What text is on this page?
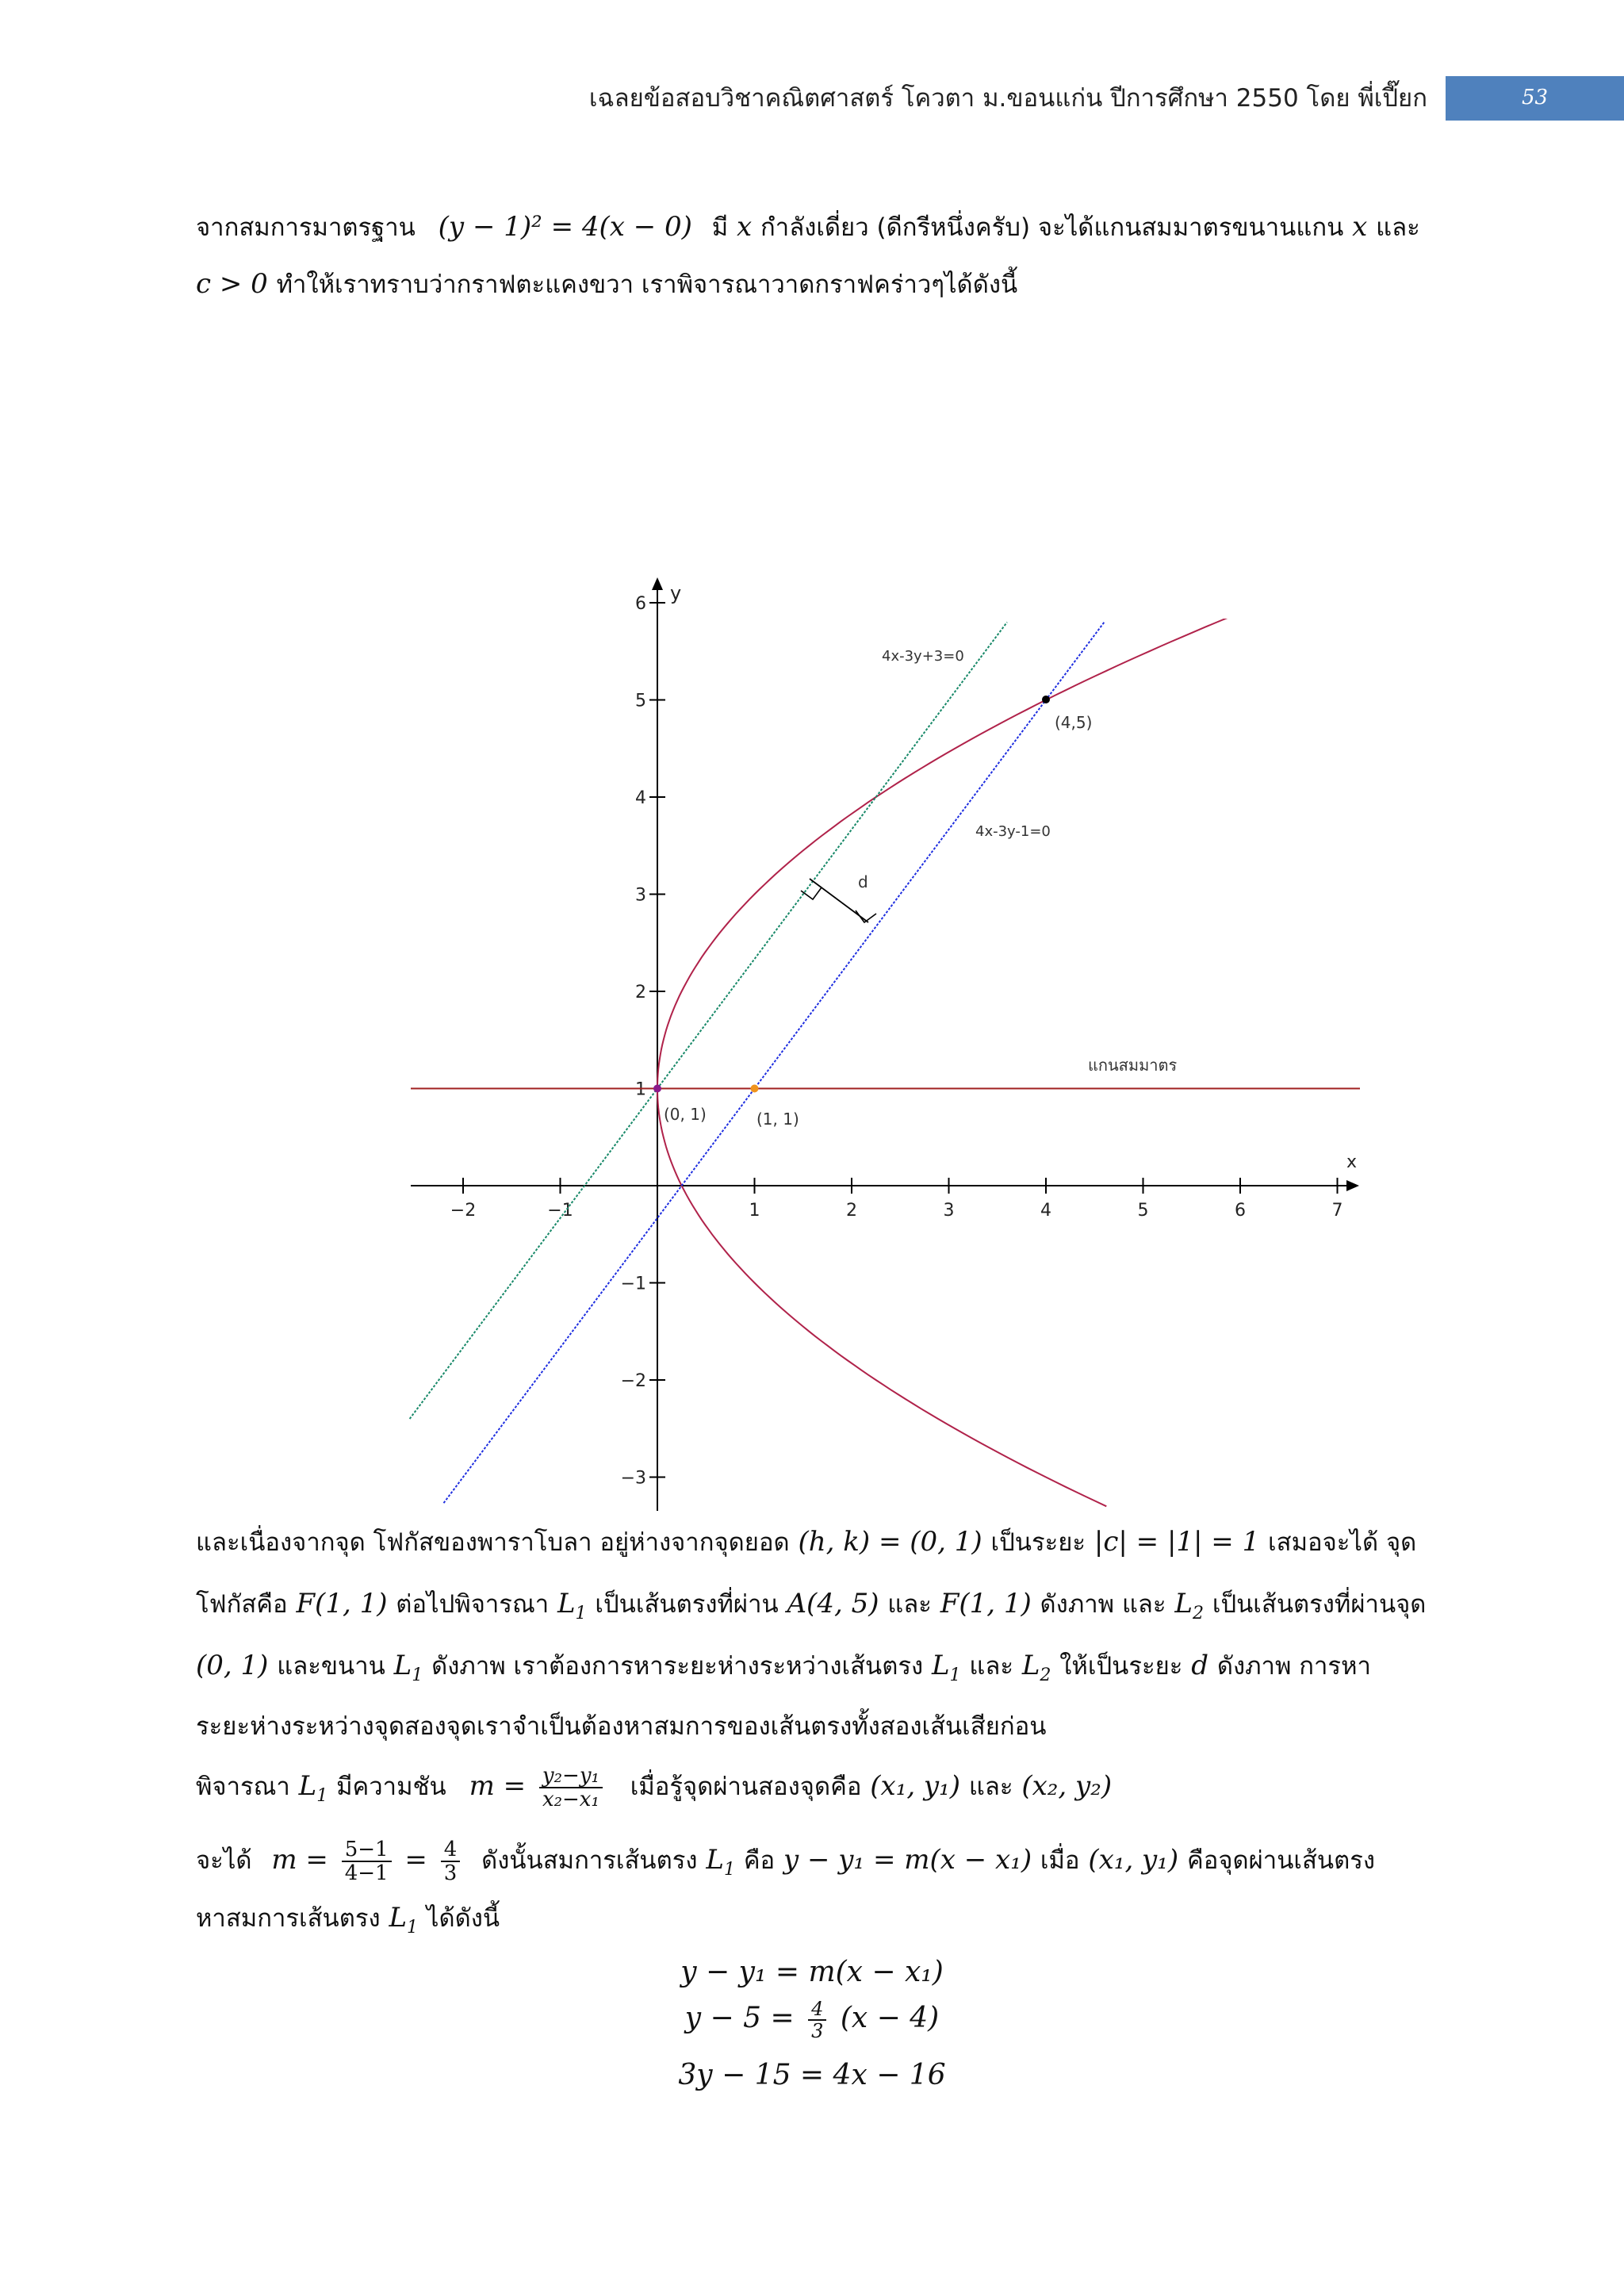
เฉลยข้อสอบวิชาคณิตศาสตร์ โควตา ม.ขอนแก่น ปีการศึกษา 2550 โดย พี่เปี๊ยก	53
จากสมการมาตรฐาน (y − 1)² = 4(x − 0) มี x กำลังเดี่ยว (ดีกรีหนึ่งครับ) จะได้แกนสมมาตรขนานแกน x และ
c > 0 ทำให้เราทราบว่ากราฟตะแคงขวา เราพิจารณาวาดกราฟคร่าวๆได้ดังนี้
x
y
−2	−1	1	2	3	4	5	6	7
−3
−2
−1
1
2
3
4
5
6
d
4x-3y+3=0
4x-3y-1=0
แกนสมมาตร
(0, 1)	(1, 1)
(4,5)
และเนื่องจากจุด โฟกัสของพาราโบลา อยู่ห่างจากจุดยอด (h, k) = (0, 1) เป็นระยะ |c| = |1| = 1 เสมอจะได้ จุด
โฟกัสคือ F(1, 1) ต่อไปพิจารณา $L_1$ เป็นเส้นตรงที่ผ่าน A(4, 5) และ F(1, 1) ดังภาพ และ $L_2$ เป็นเส้นตรงที่ผ่านจุด
(0, 1) และขนาน $L_1$ ดังภาพ เราต้องการหาระยะห่างระหว่างเส้นตรง $L_1$ และ $L_2$ ให้เป็นระยะ d ดังภาพ การหา
ระยะห่างระหว่างจุดสองจุดเราจำเป็นต้องหาสมการของเส้นตรงทั้งสองเส้นเสียก่อน
พิจารณา $L_1$ มีความชัน $m = \frac{\text{y₂−y₁}}{\text{x₂−x₁}}$ เมื่อรู้จุดผ่านสองจุดคือ (x₁, y₁) และ (x₂, y₂)
จะได้ $m = \frac{5-1}{4-1} = \frac{4}{3}$ ดังนั้นสมการเส้นตรง $L_1$ คือ y − y₁ = m(x − x₁) เมื่อ (x₁, y₁) คือจุดผ่านเส้นตรง
หาสมการเส้นตรง $L_1$ ได้ดังนี้
y − y₁ = m(x − x₁)
$y - 5 = \frac{4}{3} (x - 4)$
3y − 15 = 4x − 16
